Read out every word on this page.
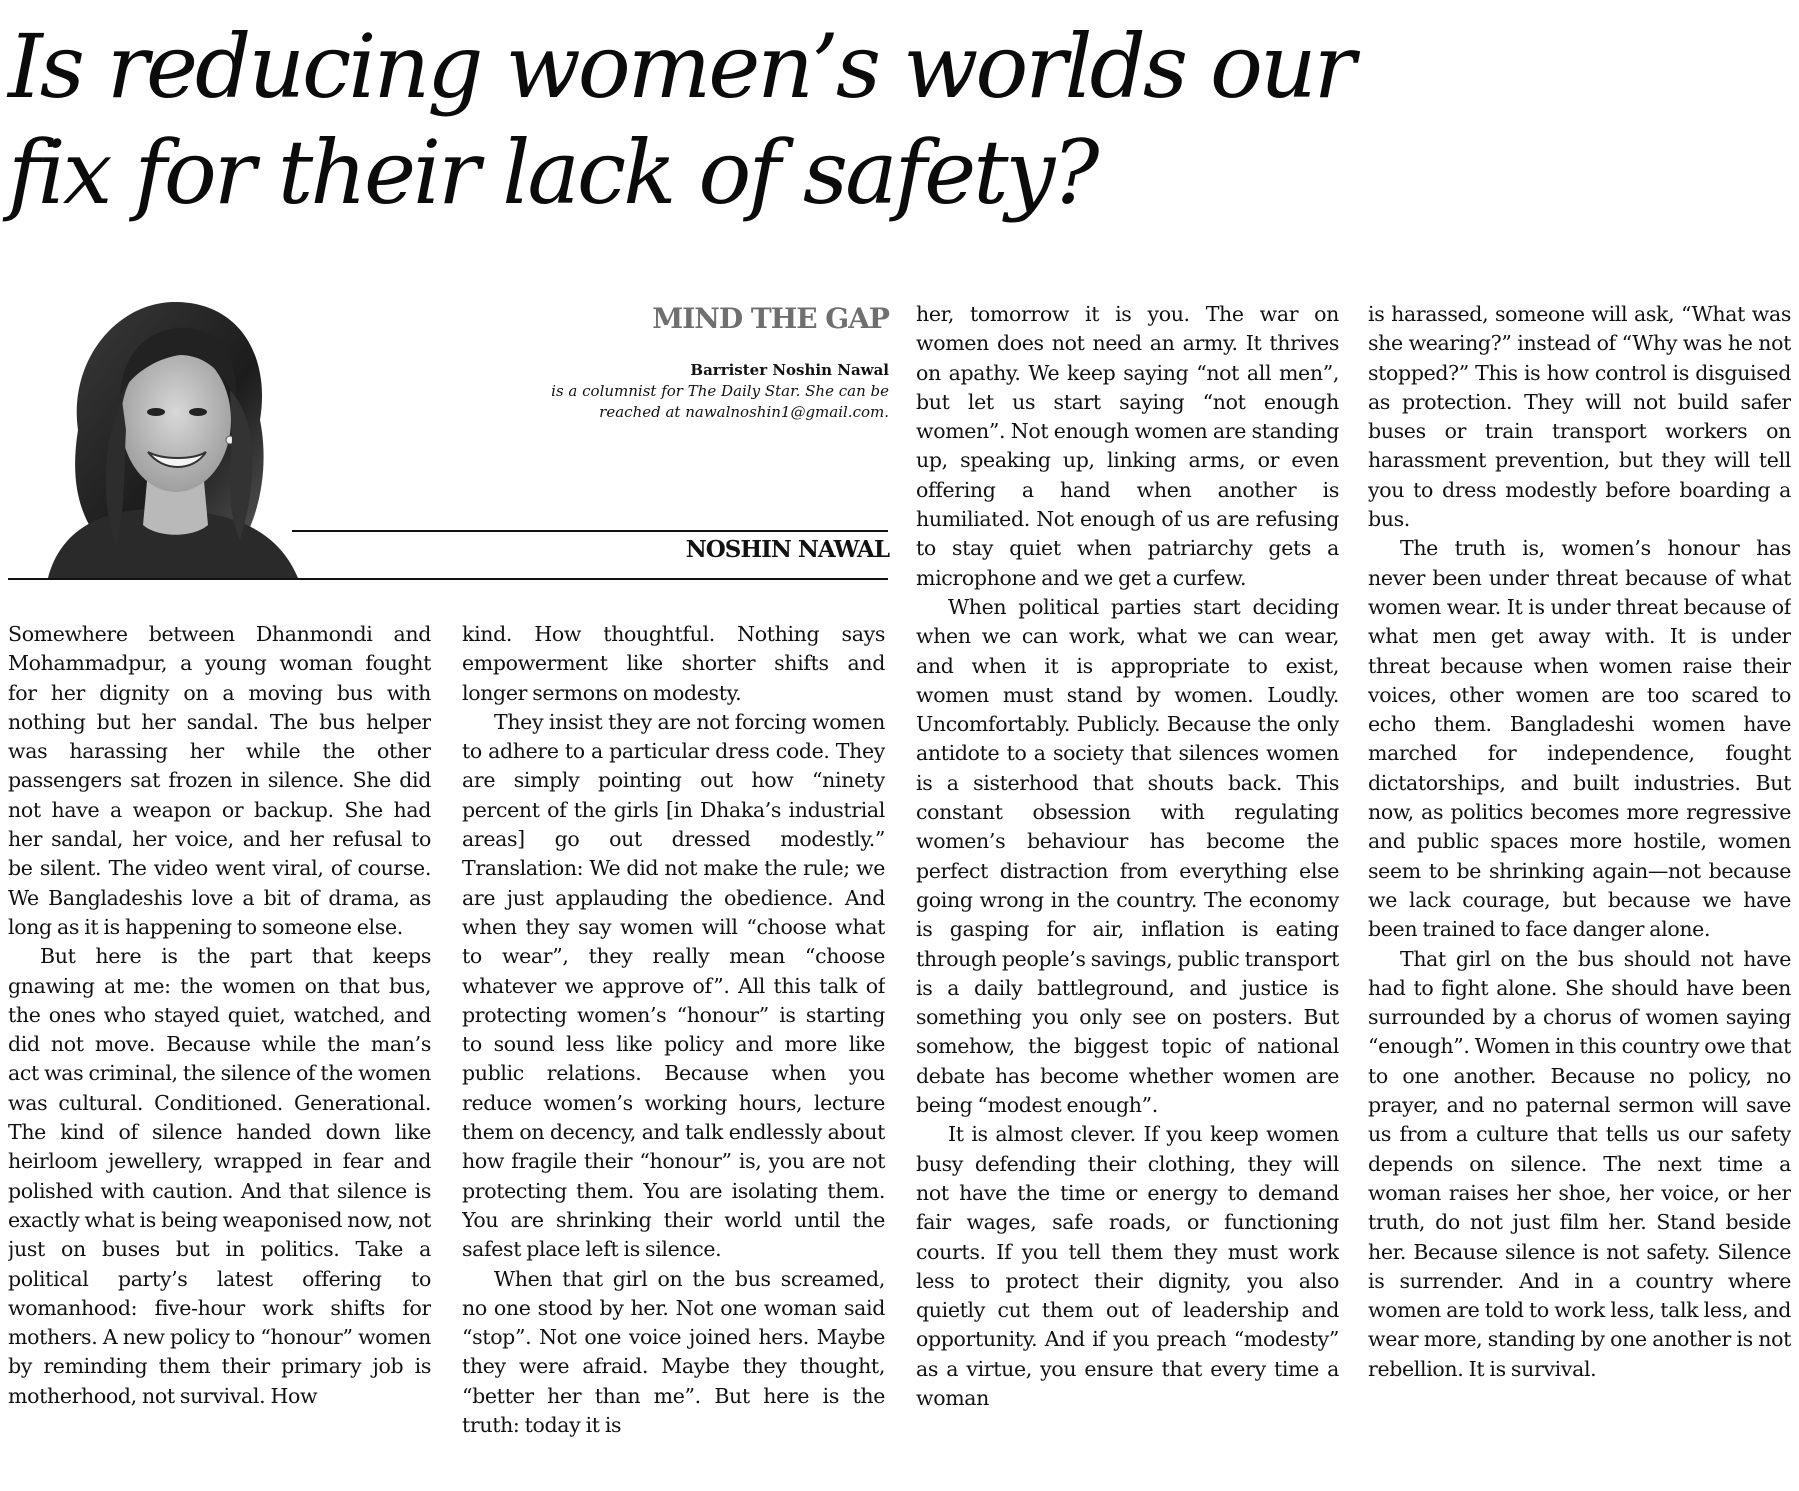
Is reducing women’s worlds our
fix for their lack of safety?
MIND THE GAP
Barrister Noshin Nawal
is a columnist for The Daily Star. She can be
reached at nawalnoshin1@gmail.com.
NOSHIN NAWAL

Somewhere between Dhanmondi and Mohammadpur, a young woman fought for her dignity on a moving bus with nothing but her sandal. The bus helper was harassing her while the other passengers sat frozen in silence. She did not have a weapon or backup. She had her sandal, her voice, and her refusal to be silent. The video went viral, of course. We Bangladeshis love a bit of drama, as long as it is happening to someone else.

But here is the part that keeps gnawing at me: the women on that bus, the ones who stayed quiet, watched, and did not move. Because while the man’s act was criminal, the silence of the women was cultural. Conditioned. Generational. The kind of silence handed down like heirloom jewellery, wrapped in fear and polished with caution. And that silence is exactly what is being weaponised now, not just on buses but in politics. Take a political party’s latest offering to womanhood: five-hour work shifts for mothers. A new policy to “honour” women by reminding them their primary job is motherhood, not survival. How

kind. How thoughtful. Nothing says empowerment like shorter shifts and longer sermons on modesty.

They insist they are not forcing women to adhere to a particular dress code. They are simply pointing out how “ninety percent of the girls [in Dhaka’s industrial areas] go out dressed modestly.” Translation: We did not make the rule; we are just applauding the obedience. And when they say women will “choose what to wear”, they really mean “choose whatever we approve of”. All this talk of protecting women’s “honour” is starting to sound less like policy and more like public relations. Because when you reduce women’s working hours, lecture them on decency, and talk endlessly about how fragile their “honour” is, you are not protecting them. You are isolating them. You are shrinking their world until the safest place left is silence.

When that girl on the bus screamed, no one stood by her. Not one woman said “stop”. Not one voice joined hers. Maybe they were afraid. Maybe they thought, “better her than me”. But here is the truth: today it is

her, tomorrow it is you. The war on women does not need an army. It thrives on apathy. We keep saying “not all men”, but let us start saying “not enough women”. Not enough women are standing up, speaking up, linking arms, or even offering a hand when another is humiliated. Not enough of us are refusing to stay quiet when patriarchy gets a microphone and we get a curfew.

When political parties start deciding when we can work, what we can wear, and when it is appropriate to exist, women must stand by women. Loudly. Uncomfortably. Publicly. Because the only antidote to a society that silences women is a sisterhood that shouts back. This constant obsession with regulating women’s behaviour has become the perfect distraction from everything else going wrong in the country. The economy is gasping for air, inflation is eating through people’s savings, public transport is a daily battleground, and justice is something you only see on posters. But somehow, the biggest topic of national debate has become whether women are being “modest enough”.

It is almost clever. If you keep women busy defending their clothing, they will not have the time or energy to demand fair wages, safe roads, or functioning courts. If you tell them they must work less to protect their dignity, you also quietly cut them out of leadership and opportunity. And if you preach “modesty” as a virtue, you ensure that every time a woman

is harassed, someone will ask, “What was she wearing?” instead of “Why was he not stopped?” This is how control is disguised as protection. They will not build safer buses or train transport workers on harassment prevention, but they will tell you to dress modestly before boarding a bus.

The truth is, women’s honour has never been under threat because of what women wear. It is under threat because of what men get away with. It is under threat because when women raise their voices, other women are too scared to echo them. Bangladeshi women have marched for independence, fought dictatorships, and built industries. But now, as politics becomes more regressive and public spaces more hostile, women seem to be shrinking again—not because we lack courage, but because we have been trained to face danger alone.

That girl on the bus should not have had to fight alone. She should have been surrounded by a chorus of women saying “enough”. Women in this country owe that to one another. Because no policy, no prayer, and no paternal sermon will save us from a culture that tells us our safety depends on silence. The next time a woman raises her shoe, her voice, or her truth, do not just film her. Stand beside her. Because silence is not safety. Silence is surrender. And in a country where women are told to work less, talk less, and wear more, standing by one another is not rebellion. It is survival.
